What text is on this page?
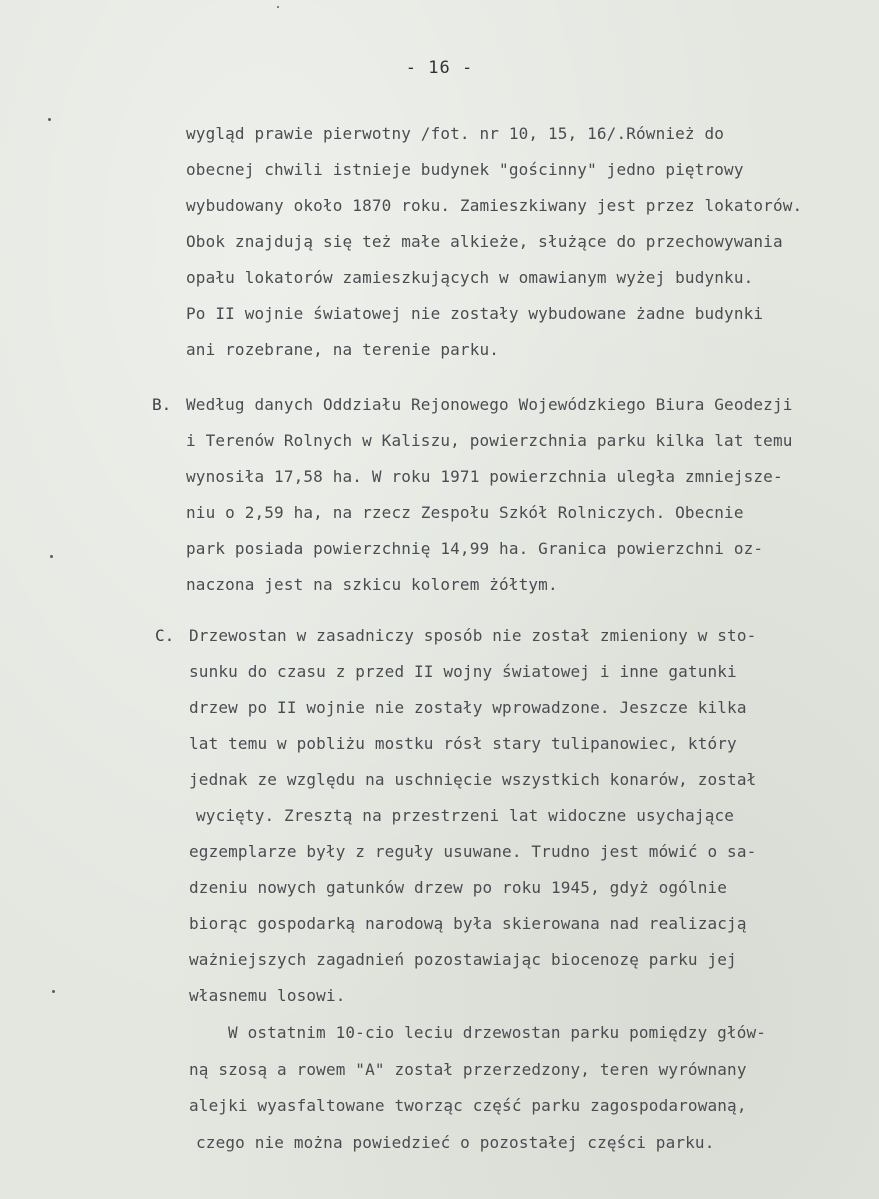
- 16 -
wygląd prawie pierwotny /fot. nr 10, 15, 16/.Również do
obecnej chwili istnieje budynek "gościnny" jedno piętrowy
wybudowany około 1870 roku. Zamieszkiwany jest przez lokatorów.
Obok znajdują się też małe alkieże, służące do przechowywania
opału lokatorów zamieszkujących w omawianym wyżej budynku.
Po II wojnie światowej nie zostały wybudowane żadne budynki
ani rozebrane, na terenie parku.
B. Według danych Oddziału Rejonowego Wojewódzkiego Biura Geodezji
i Terenów Rolnych w Kaliszu, powierzchnia parku kilka lat temu
wynosiła 17,58 ha. W roku 1971 powierzchnia uległa zmniejsze-
niu o 2,59 ha, na rzecz Zespołu Szkół Rolniczych. Obecnie
park posiada powierzchnię 14,99 ha. Granica powierzchni oz-
naczona jest na szkicu kolorem żółtym.
C. Drzewostan w zasadniczy sposób nie został zmieniony w sto-
sunku do czasu z przed II wojny światowej i inne gatunki
drzew po II wojnie nie zostały wprowadzone. Jeszcze kilka
lat temu w pobliżu mostku rósł stary tulipanowiec, który
jednak ze względu na uschnięcie wszystkich konarów, został
wycięty. Zresztą na przestrzeni lat widoczne usychające
egzemplarze były z reguły usuwane. Trudno jest mówić o sa-
dzeniu nowych gatunków drzew po roku 1945, gdyż ogólnie
biorąc gospodarką narodową była skierowana nad realizacją
ważniejszych zagadnień pozostawiając biocenozę parku jej
własnemu losowi.
W ostatnim 10-cio leciu drzewostan parku pomiędzy głów-
ną szosą a rowem "A" został przerzedzony, teren wyrównany
alejki wyasfaltowane tworząc część parku zagospodarowaną,
czego nie można powiedzieć o pozostałej części parku.
